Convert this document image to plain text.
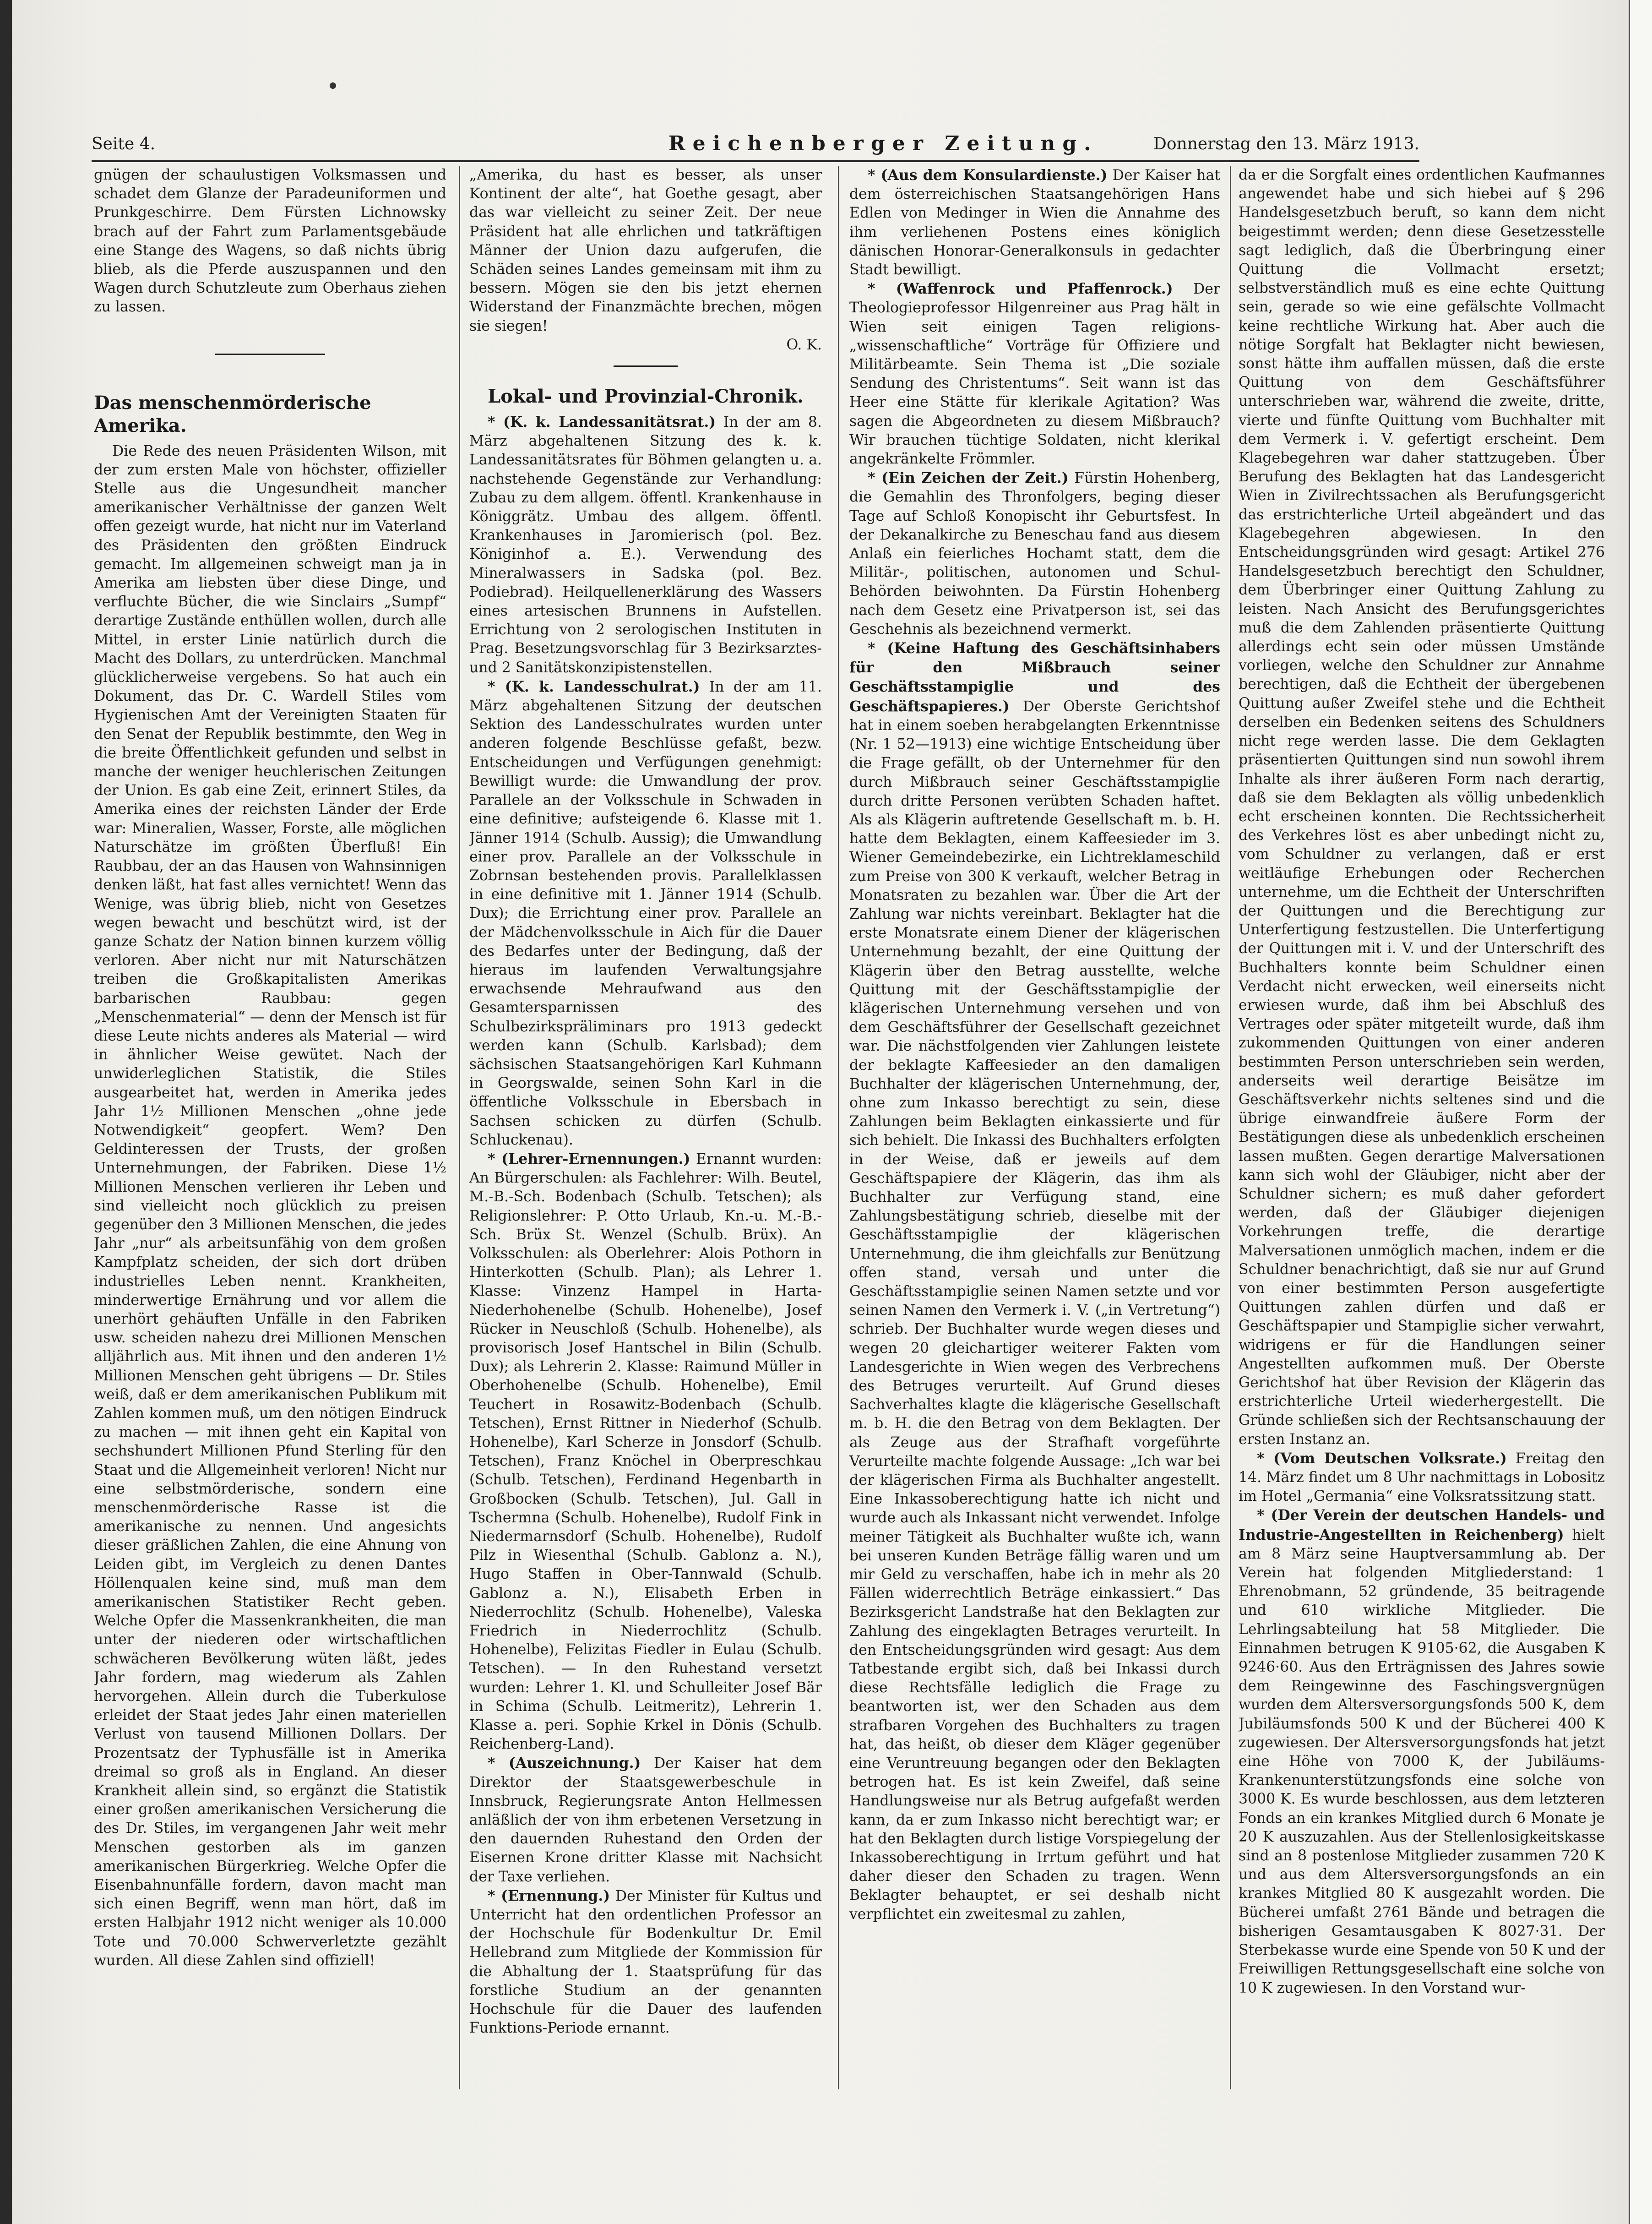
Seite 4.	Reichenberger Zeitung.	Donnerstag den 13. März 1913.

gnügen der schaulustigen Volksmassen und schadet dem Glanze der Paradeuniformen und Prunkgeschirre. Dem Fürsten Lichnowsky brach auf der Fahrt zum Parlamentsgebäude eine Stange des Wagens, so daß nichts übrig blieb, als die Pferde auszuspannen und den Wagen durch Schutzleute zum Oberhaus ziehen zu lassen.

Das menschenmörderische Amerika.

Die Rede des neuen Präsidenten Wilson, mit der zum ersten Male von höchster, offizieller Stelle aus die Ungesundheit mancher amerikanischer Verhältnisse der ganzen Welt offen gezeigt wurde, hat nicht nur im Vaterland des Präsidenten den größten Eindruck gemacht. Im allgemeinen schweigt man ja in Amerika am liebsten über diese Dinge, und verfluchte Bücher, die wie Sinclairs „Sumpf“ derartige Zustände enthüllen wollen, durch alle Mittel, in erster Linie natürlich durch die Macht des Dollars, zu unterdrücken. Manchmal glücklicherweise vergebens. So hat auch ein Dokument, das Dr. C. Wardell Stiles vom Hygienischen Amt der Vereinigten Staaten für den Senat der Republik bestimmte, den Weg in die breite Öffentlichkeit gefunden und selbst in manche der weniger heuchlerischen Zeitungen der Union. Es gab eine Zeit, erinnert Stiles, da Amerika eines der reichsten Länder der Erde war: Mineralien, Wasser, Forste, alle möglichen Naturschätze im größten Überfluß! Ein Raubbau, der an das Hausen von Wahnsinnigen denken läßt, hat fast alles vernichtet! Wenn das Wenige, was übrig blieb, nicht von Gesetzes wegen bewacht und beschützt wird, ist der ganze Schatz der Nation binnen kurzem völlig verloren. Aber nicht nur mit Naturschätzen treiben die Großkapitalisten Amerikas barbarischen Raubbau: gegen „Menschenmaterial“ — denn der Mensch ist für diese Leute nichts anderes als Material — wird in ähnlicher Weise gewütet. Nach der unwiderleglichen Statistik, die Stiles ausgearbeitet hat, werden in Amerika jedes Jahr 1½ Millionen Menschen „ohne jede Notwendigkeit“ geopfert. Wem? Den Geldinteressen der Trusts, der großen Unternehmungen, der Fabriken. Diese 1½ Millionen Menschen verlieren ihr Leben und sind vielleicht noch glücklich zu preisen gegenüber den 3 Millionen Menschen, die jedes Jahr „nur“ als arbeitsunfähig von dem großen Kampfplatz scheiden, der sich dort drüben industrielles Leben nennt. Krankheiten, minderwertige Ernährung und vor allem die unerhört gehäuften Unfälle in den Fabriken usw. scheiden nahezu drei Millionen Menschen alljährlich aus. Mit ihnen und den anderen 1½ Millionen Menschen geht übrigens — Dr. Stiles weiß, daß er dem amerikanischen Publikum mit Zahlen kommen muß, um den nötigen Eindruck zu machen — mit ihnen geht ein Kapital von sechshundert Millionen Pfund Sterling für den Staat und die Allgemeinheit verloren! Nicht nur eine selbstmörderische, sondern eine menschenmörderische Rasse ist die amerikanische zu nennen. Und angesichts dieser gräßlichen Zahlen, die eine Ahnung von Leiden gibt, im Vergleich zu denen Dantes Höllenqualen keine sind, muß man dem amerikanischen Statistiker Recht geben. Welche Opfer die Massenkrankheiten, die man unter der niederen oder wirtschaftlichen schwächeren Bevölkerung wüten läßt, jedes Jahr fordern, mag wiederum als Zahlen hervorgehen. Allein durch die Tuberkulose erleidet der Staat jedes Jahr einen materiellen Verlust von tausend Millionen Dollars. Der Prozentsatz der Typhusfälle ist in Amerika dreimal so groß als in England. An dieser Krankheit allein sind, so ergänzt die Statistik einer großen amerikanischen Versicherung die des Dr. Stiles, im vergangenen Jahr weit mehr Menschen gestorben als im ganzen amerikanischen Bürgerkrieg. Welche Opfer die Eisenbahnunfälle fordern, davon macht man sich einen Begriff, wenn man hört, daß im ersten Halbjahr 1912 nicht weniger als 10.000 Tote und 70.000 Schwerverletzte gezählt wurden. All diese Zahlen sind offiziell!

„Amerika, du hast es besser, als unser Kontinent der alte“, hat Goethe gesagt, aber das war vielleicht zu seiner Zeit. Der neue Präsident hat alle ehrlichen und tatkräftigen Männer der Union dazu aufgerufen, die Schäden seines Landes gemeinsam mit ihm zu bessern. Mögen sie den bis jetzt ehernen Widerstand der Finanzmächte brechen, mögen sie siegen!

O. K.
Lokal- und Provinzial-Chronik.

* (K. k. Landessanitätsrat.) In der am 8. März abgehaltenen Sitzung des k. k. Landessanitätsrates für Böhmen gelangten u. a. nachstehende Gegenstände zur Verhandlung: Zubau zu dem allgem. öffentl. Krankenhause in Königgrätz. Umbau des allgem. öffentl. Krankenhauses in Jaromierisch (pol. Bez. Königinhof a. E.). Verwendung des Mineralwassers in Sadska (pol. Bez. Podiebrad). Heilquellenerklärung des Wassers eines artesischen Brunnens in Aufstellen. Errichtung von 2 serologischen Instituten in Prag. Besetzungsvorschlag für 3 Bezirksarztes- und 2 Sanitätskonzipistenstellen.

* (K. k. Landesschulrat.) In der am 11. März abgehaltenen Sitzung der deutschen Sektion des Landesschulrates wurden unter anderen folgende Beschlüsse gefaßt, bezw. Entscheidungen und Verfügungen genehmigt: Bewilligt wurde: die Umwandlung der prov. Parallele an der Volksschule in Schwaden in eine definitive; aufsteigende 6. Klasse mit 1. Jänner 1914 (Schulb. Aussig); die Umwandlung einer prov. Parallele an der Volksschule in Zobrnsan bestehenden provis. Parallelklassen in eine definitive mit 1. Jänner 1914 (Schulb. Dux); die Errichtung einer prov. Parallele an der Mädchenvolksschule in Aich für die Dauer des Bedarfes unter der Bedingung, daß der hieraus im laufenden Verwaltungsjahre erwachsende Mehraufwand aus den Gesamtersparnissen des Schulbezirkspräliminars pro 1913 gedeckt werden kann (Schulb. Karlsbad); dem sächsischen Staatsangehörigen Karl Kuhmann in Georgswalde, seinen Sohn Karl in die öffentliche Volksschule in Ebersbach in Sachsen schicken zu dürfen (Schulb. Schluckenau).

* (Lehrer-Ernennungen.) Ernannt wurden: An Bürgerschulen: als Fachlehrer: Wilh. Beutel, M.-B.-Sch. Bodenbach (Schulb. Tetschen); als Religionslehrer: P. Otto Urlaub, Kn.-u. M.-B.-Sch. Brüx St. Wenzel (Schulb. Brüx). An Volksschulen: als Oberlehrer: Alois Pothorn in Hinterkotten (Schulb. Plan); als Lehrer 1. Klasse: Vinzenz Hampel in Harta-Niederhohenelbe (Schulb. Hohenelbe), Josef Rücker in Neuschloß (Schulb. Hohenelbe), als provisorisch Josef Hantschel in Bilin (Schulb. Dux); als Lehrerin 2. Klasse: Raimund Müller in Oberhohenelbe (Schulb. Hohenelbe), Emil Teuchert in Rosawitz-Bodenbach (Schulb. Tetschen), Ernst Rittner in Niederhof (Schulb. Hohenelbe), Karl Scherze in Jonsdorf (Schulb. Tetschen), Franz Knöchel in Oberpreschkau (Schulb. Tetschen), Ferdinand Hegenbarth in Großbocken (Schulb. Tetschen), Jul. Gall in Tschermna (Schulb. Hohenelbe), Rudolf Fink in Niedermarnsdorf (Schulb. Hohenelbe), Rudolf Pilz in Wiesenthal (Schulb. Gablonz a. N.), Hugo Staffen in Ober-Tannwald (Schulb. Gablonz a. N.), Elisabeth Erben in Niederrochlitz (Schulb. Hohenelbe), Valeska Friedrich in Niederrochlitz (Schulb. Hohenelbe), Felizitas Fiedler in Eulau (Schulb. Tetschen). — In den Ruhestand versetzt wurden: Lehrer 1. Kl. und Schulleiter Josef Bär in Schima (Schulb. Leitmeritz), Lehrerin 1. Klasse a. peri. Sophie Krkel in Dönis (Schulb. Reichenberg-Land).

* (Auszeichnung.) Der Kaiser hat dem Direktor der Staatsgewerbeschule in Innsbruck, Regierungsrate Anton Hellmessen anläßlich der von ihm erbetenen Versetzung in den dauernden Ruhestand den Orden der Eisernen Krone dritter Klasse mit Nachsicht der Taxe verliehen.

* (Ernennung.) Der Minister für Kultus und Unterricht hat den ordentlichen Professor an der Hochschule für Bodenkultur Dr. Emil Hellebrand zum Mitgliede der Kommission für die Abhaltung der 1. Staatsprüfung für das forstliche Studium an der genannten Hochschule für die Dauer des laufenden Funktions-Periode ernannt.

* (Aus dem Konsulardienste.) Der Kaiser hat dem österreichischen Staatsangehörigen Hans Edlen von Medinger in Wien die Annahme des ihm verliehenen Postens eines königlich dänischen Honorar-Generalkonsuls in gedachter Stadt bewilligt.

* (Waffenrock und Pfaffenrock.) Der Theologieprofessor Hilgenreiner aus Prag hält in Wien seit einigen Tagen religions-„wissenschaftliche“ Vorträge für Offiziere und Militärbeamte. Sein Thema ist „Die soziale Sendung des Christentums“. Seit wann ist das Heer eine Stätte für klerikale Agitation? Was sagen die Abgeordneten zu diesem Mißbrauch? Wir brauchen tüchtige Soldaten, nicht klerikal angekränkelte Frömmler.

* (Ein Zeichen der Zeit.) Fürstin Hohenberg, die Gemahlin des Thronfolgers, beging dieser Tage auf Schloß Konopischt ihr Geburtsfest. In der Dekanalkirche zu Beneschau fand aus diesem Anlaß ein feierliches Hochamt statt, dem die Militär-, politischen, autonomen und Schul-Behörden beiwohnten. Da Fürstin Hohenberg nach dem Gesetz eine Privatperson ist, sei das Geschehnis als bezeichnend vermerkt.

* (Keine Haftung des Geschäftsinhabers für den Mißbrauch seiner Geschäftsstampiglie und des Geschäftspapieres.) Der Oberste Gerichtshof hat in einem soeben herabgelangten Erkenntnisse (Nr. 1 52—1913) eine wichtige Entscheidung über die Frage gefällt, ob der Unternehmer für den durch Mißbrauch seiner Geschäftsstampiglie durch dritte Personen verübten Schaden haftet. Als als Klägerin auftretende Gesellschaft m. b. H. hatte dem Beklagten, einem Kaffeesieder im 3. Wiener Gemeindebezirke, ein Lichtreklameschild zum Preise von 300 K verkauft, welcher Betrag in Monatsraten zu bezahlen war. Über die Art der Zahlung war nichts vereinbart. Beklagter hat die erste Monatsrate einem Diener der klägerischen Unternehmung bezahlt, der eine Quittung der Klägerin über den Betrag ausstellte, welche Quittung mit der Geschäftsstampiglie der klägerischen Unternehmung versehen und von dem Geschäftsführer der Gesellschaft gezeichnet war. Die nächstfolgenden vier Zahlungen leistete der beklagte Kaffeesieder an den damaligen Buchhalter der klägerischen Unternehmung, der, ohne zum Inkasso berechtigt zu sein, diese Zahlungen beim Beklagten einkassierte und für sich behielt. Die Inkassi des Buchhalters erfolgten in der Weise, daß er jeweils auf dem Geschäftspapiere der Klägerin, das ihm als Buchhalter zur Verfügung stand, eine Zahlungsbestätigung schrieb, dieselbe mit der Geschäftsstampiglie der klägerischen Unternehmung, die ihm gleichfalls zur Benützung offen stand, versah und unter die Geschäftsstampiglie seinen Namen setzte und vor seinen Namen den Vermerk i. V. („in Vertretung“) schrieb. Der Buchhalter wurde wegen dieses und wegen 20 gleichartiger weiterer Fakten vom Landesgerichte in Wien wegen des Verbrechens des Betruges verurteilt. Auf Grund dieses Sachverhaltes klagte die klägerische Gesellschaft m. b. H. die den Betrag von dem Beklagten. Der als Zeuge aus der Strafhaft vorgeführte Verurteilte machte folgende Aussage: „Ich war bei der klägerischen Firma als Buchhalter angestellt. Eine Inkassoberechtigung hatte ich nicht und wurde auch als Inkassant nicht verwendet. Infolge meiner Tätigkeit als Buchhalter wußte ich, wann bei unseren Kunden Beträge fällig waren und um mir Geld zu verschaffen, habe ich in mehr als 20 Fällen widerrechtlich Beträge einkassiert.“ Das Bezirksgericht Landstraße hat den Beklagten zur Zahlung des eingeklagten Betrages verurteilt. In den Entscheidungsgründen wird gesagt: Aus dem Tatbestande ergibt sich, daß bei Inkassi durch diese Rechtsfälle lediglich die Frage zu beantworten ist, wer den Schaden aus dem strafbaren Vorgehen des Buchhalters zu tragen hat, das heißt, ob dieser dem Kläger gegenüber eine Veruntreuung begangen oder den Beklagten betrogen hat. Es ist kein Zweifel, daß seine Handlungsweise nur als Betrug aufgefaßt werden kann, da er zum Inkasso nicht berechtigt war; er hat den Beklagten durch listige Vorspiegelung der Inkassoberechtigung in Irrtum geführt und hat daher dieser den Schaden zu tragen. Wenn Beklagter behauptet, er sei deshalb nicht verpflichtet ein zweitesmal zu zahlen,

da er die Sorgfalt eines ordentlichen Kaufmannes angewendet habe und sich hiebei auf § 296 Handelsgesetzbuch beruft, so kann dem nicht beigestimmt werden; denn diese Gesetzesstelle sagt lediglich, daß die Überbringung einer Quittung die Vollmacht ersetzt; selbstverständlich muß es eine echte Quittung sein, gerade so wie eine gefälschte Vollmacht keine rechtliche Wirkung hat. Aber auch die nötige Sorgfalt hat Beklagter nicht bewiesen, sonst hätte ihm auffallen müssen, daß die erste Quittung von dem Geschäftsführer unterschrieben war, während die zweite, dritte, vierte und fünfte Quittung vom Buchhalter mit dem Vermerk i. V. gefertigt erscheint. Dem Klagebegehren war daher stattzugeben. Über Berufung des Beklagten hat das Landesgericht Wien in Zivilrechtssachen als Berufungsgericht das erstrichterliche Urteil abgeändert und das Klagebegehren abgewiesen. In den Entscheidungsgründen wird gesagt: Artikel 276 Handelsgesetzbuch berechtigt den Schuldner, dem Überbringer einer Quittung Zahlung zu leisten. Nach Ansicht des Berufungsgerichtes muß die dem Zahlenden präsentierte Quittung allerdings echt sein oder müssen Umstände vorliegen, welche den Schuldner zur Annahme berechtigen, daß die Echtheit der übergebenen Quittung außer Zweifel stehe und die Echtheit derselben ein Bedenken seitens des Schuldners nicht rege werden lasse. Die dem Geklagten präsentierten Quittungen sind nun sowohl ihrem Inhalte als ihrer äußeren Form nach derartig, daß sie dem Beklagten als völlig unbedenklich echt erscheinen konnten. Die Rechtssicherheit des Verkehres löst es aber unbedingt nicht zu, vom Schuldner zu verlangen, daß er erst weitläufige Erhebungen oder Recherchen unternehme, um die Echtheit der Unterschriften der Quittungen und die Berechtigung zur Unterfertigung festzustellen. Die Unterfertigung der Quittungen mit i. V. und der Unterschrift des Buchhalters konnte beim Schuldner einen Verdacht nicht erwecken, weil einerseits nicht erwiesen wurde, daß ihm bei Abschluß des Vertrages oder später mitgeteilt wurde, daß ihm zukommenden Quittungen von einer anderen bestimmten Person unterschrieben sein werden, anderseits weil derartige Beisätze im Geschäftsverkehr nichts seltenes sind und die übrige einwandfreie äußere Form der Bestätigungen diese als unbedenklich erscheinen lassen mußten. Gegen derartige Malversationen kann sich wohl der Gläubiger, nicht aber der Schuldner sichern; es muß daher gefordert werden, daß der Gläubiger diejenigen Vorkehrungen treffe, die derartige Malversationen unmöglich machen, indem er die Schuldner benachrichtigt, daß sie nur auf Grund von einer bestimmten Person ausgefertigte Quittungen zahlen dürfen und daß er Geschäftspapier und Stampiglie sicher verwahrt, widrigens er für die Handlungen seiner Angestellten aufkommen muß. Der Oberste Gerichtshof hat über Revision der Klägerin das erstrichterliche Urteil wiederhergestellt. Die Gründe schließen sich der Rechtsanschauung der ersten Instanz an.

* (Vom Deutschen Volksrate.) Freitag den 14. März findet um 8 Uhr nachmittags in Lobositz im Hotel „Germania“ eine Volksratssitzung statt.

* (Der Verein der deutschen Handels- und Industrie-Angestellten in Reichenberg) hielt am 8 März seine Hauptversammlung ab. Der Verein hat folgenden Mitgliederstand: 1 Ehrenobmann, 52 gründende, 35 beitragende und 610 wirkliche Mitglieder. Die Lehrlingsabteilung hat 58 Mitglieder. Die Einnahmen betrugen K 9105·62, die Ausgaben K 9246·60. Aus den Erträgnissen des Jahres sowie dem Reingewinne des Faschingsvergnügen wurden dem Altersversorgungsfonds 500 K, dem Jubiläumsfonds 500 K und der Bücherei 400 K zugewiesen. Der Altersversorgungsfonds hat jetzt eine Höhe von 7000 K, der Jubiläums-Krankenunterstützungsfonds eine solche von 3000 K. Es wurde beschlossen, aus dem letzteren Fonds an ein krankes Mitglied durch 6 Monate je 20 K auszuzahlen. Aus der Stellenlosigkeitskasse sind an 8 postenlose Mitglieder zusammen 720 K und aus dem Altersversorgungsfonds an ein krankes Mitglied 80 K ausgezahlt worden. Die Bücherei umfaßt 2761 Bände und betragen die bisherigen Gesamtausgaben K 8027·31. Der Sterbekasse wurde eine Spende von 50 K und der Freiwilligen Rettungsgesellschaft eine solche von 10 K zugewiesen. In den Vorstand wur-
